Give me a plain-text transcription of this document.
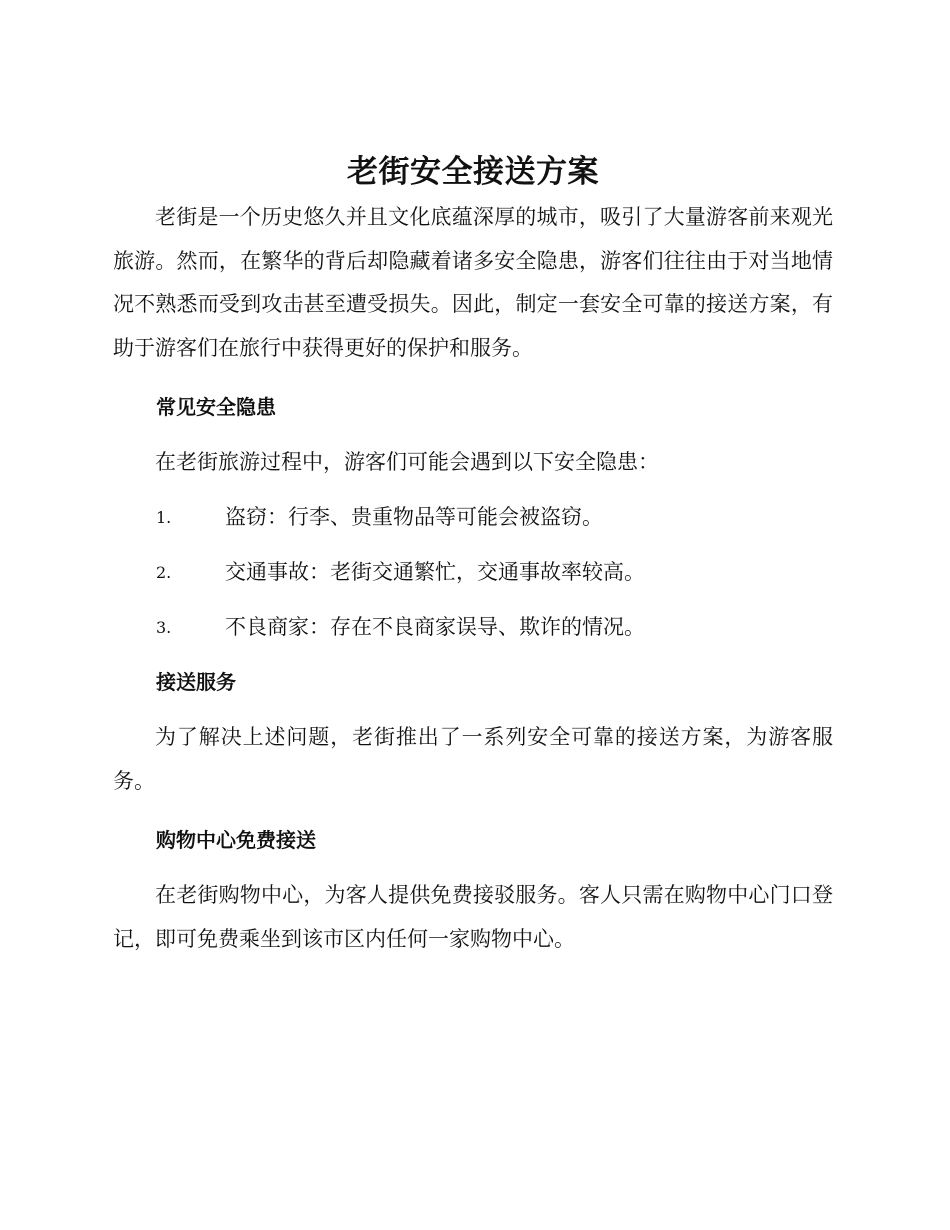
老街安全接送方案

老街是一个历史悠久并且文化底蕴深厚的城市，吸引了大量游客前来观光旅游。然而，在繁华的背后却隐藏着诸多安全隐患，游客们往往由于对当地情况不熟悉而受到攻击甚至遭受损失。因此，制定一套安全可靠的接送方案，有助于游客们在旅行中获得更好的保护和服务。

常见安全隐患

在老街旅游过程中，游客们可能会遇到以下安全隐患：

1.	盗窃：行李、贵重物品等可能会被盗窃。
2.	交通事故：老街交通繁忙，交通事故率较高。
3.	不良商家：存在不良商家误导、欺诈的情况。
接送服务

为了解决上述问题，老街推出了一系列安全可靠的接送方案，为游客服务。

购物中心免费接送

在老街购物中心，为客人提供免费接驳服务。客人只需在购物中心门口登记，即可免费乘坐到该市区内任何一家购物中心。
